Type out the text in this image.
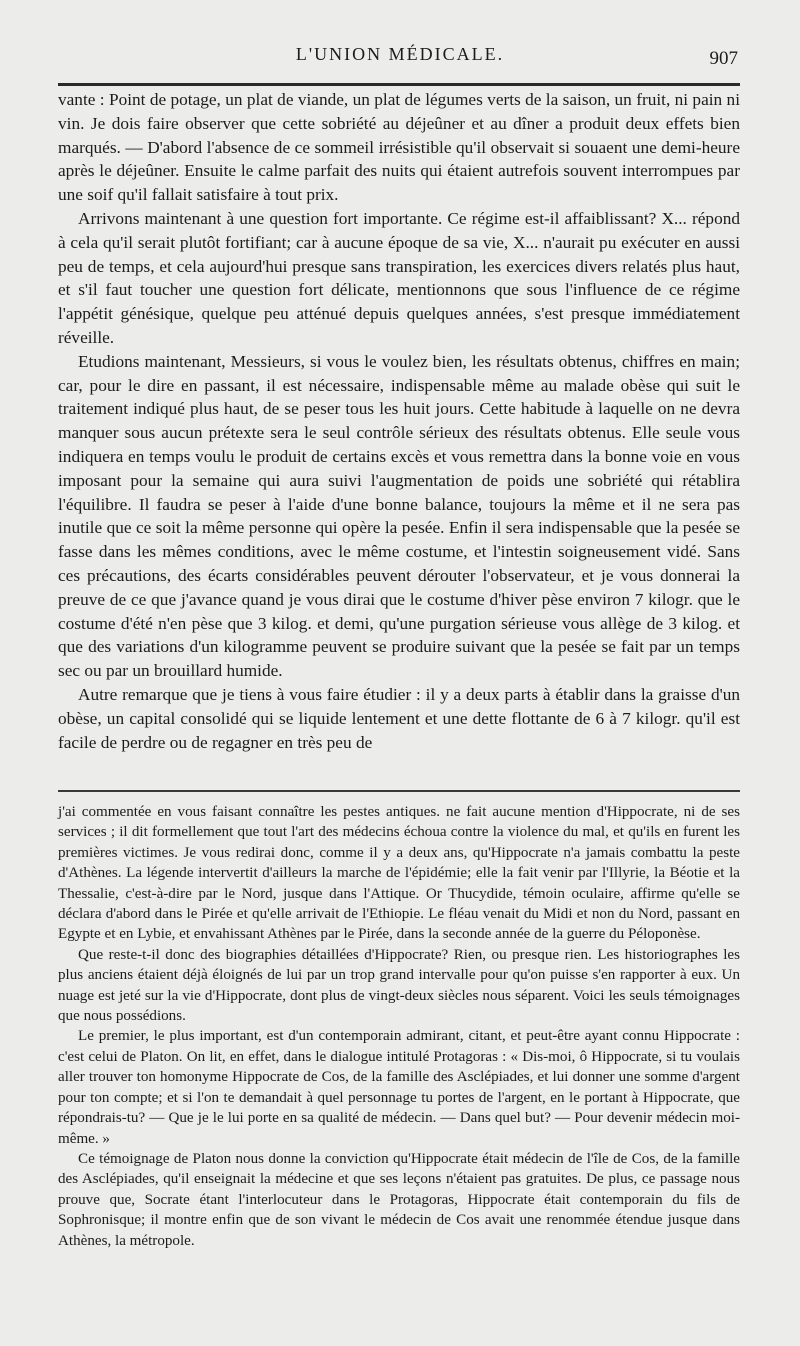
L'UNION MÉDICALE.	907

vante : Point de potage, un plat de viande, un plat de légumes verts de la saison, un fruit, ni pain ni vin. Je dois faire observer que cette sobriété au déjeûner et au dîner a produit deux effets bien marqués. — D'abord l'absence de ce sommeil irrésistible qu'il observait si souaent une demi-heure après le déjeûner. Ensuite le calme parfait des nuits qui étaient autrefois souvent interrompues par une soif qu'il fallait satisfaire à tout prix.

Arrivons maintenant à une question fort importante. Ce régime est-il affaiblissant? X... répond à cela qu'il serait plutôt fortifiant; car à aucune époque de sa vie, X... n'aurait pu exécuter en aussi peu de temps, et cela aujourd'hui presque sans transpiration, les exercices divers relatés plus haut, et s'il faut toucher une question fort délicate, mentionnons que sous l'influence de ce régime l'appétit génésique, quelque peu atténué depuis quelques années, s'est presque immédiatement réveille.

Etudions maintenant, Messieurs, si vous le voulez bien, les résultats obtenus, chiffres en main; car, pour le dire en passant, il est nécessaire, indispensable même au malade obèse qui suit le traitement indiqué plus haut, de se peser tous les huit jours. Cette habitude à laquelle on ne devra manquer sous aucun prétexte sera le seul contrôle sérieux des résultats obtenus. Elle seule vous indiquera en temps voulu le produit de certains excès et vous remettra dans la bonne voie en vous imposant pour la semaine qui aura suivi l'augmentation de poids une sobriété qui rétablira l'équilibre. Il faudra se peser à l'aide d'une bonne balance, toujours la même et il ne sera pas inutile que ce soit la même personne qui opère la pesée. Enfin il sera indispensable que la pesée se fasse dans les mêmes conditions, avec le même costume, et l'intestin soigneusement vidé. Sans ces précautions, des écarts considérables peuvent dérouter l'observateur, et je vous donnerai la preuve de ce que j'avance quand je vous dirai que le costume d'hiver pèse environ 7 kilogr. que le costume d'été n'en pèse que 3 kilog. et demi, qu'une purgation sérieuse vous allège de 3 kilog. et que des variations d'un kilogramme peuvent se produire suivant que la pesée se fait par un temps sec ou par un brouillard humide.

Autre remarque que je tiens à vous faire étudier : il y a deux parts à établir dans la graisse d'un obèse, un capital consolidé qui se liquide lentement et une dette flottante de 6 à 7 kilogr. qu'il est facile de perdre ou de regagner en très peu de

j'ai commentée en vous faisant connaître les pestes antiques. ne fait aucune mention d'Hippocrate, ni de ses services ; il dit formellement que tout l'art des médecins échoua contre la violence du mal, et qu'ils en furent les premières victimes. Je vous redirai donc, comme il y a deux ans, qu'Hippocrate n'a jamais combattu la peste d'Athènes. La légende intervertit d'ailleurs la marche de l'épidémie; elle la fait venir par l'Illyrie, la Béotie et la Thessalie, c'est-à-dire par le Nord, jusque dans l'Attique. Or Thucydide, témoin oculaire, affirme qu'elle se déclara d'abord dans le Pirée et qu'elle arrivait de l'Ethiopie. Le fléau venait du Midi et non du Nord, passant en Egypte et en Lybie, et envahissant Athènes par le Pirée, dans la seconde année de la guerre du Péloponèse.

Que reste-t-il donc des biographies détaillées d'Hippocrate? Rien, ou presque rien. Les historiographes les plus anciens étaient déjà éloignés de lui par un trop grand intervalle pour qu'on puisse s'en rapporter à eux. Un nuage est jeté sur la vie d'Hippocrate, dont plus de vingt-deux siècles nous séparent. Voici les seuls témoignages que nous possédions.

Le premier, le plus important, est d'un contemporain admirant, citant, et peut-être ayant connu Hippocrate : c'est celui de Platon. On lit, en effet, dans le dialogue intitulé Protagoras : « Dis-moi, ô Hippocrate, si tu voulais aller trouver ton homonyme Hippocrate de Cos, de la famille des Asclépiades, et lui donner une somme d'argent pour ton compte; et si l'on te demandait à quel personnage tu portes de l'argent, en le portant à Hippocrate, que répondrais-tu? — Que je le lui porte en sa qualité de médecin. — Dans quel but? — Pour devenir médecin moi-même. »

Ce témoignage de Platon nous donne la conviction qu'Hippocrate était médecin de l'île de Cos, de la famille des Asclépiades, qu'il enseignait la médecine et que ses leçons n'étaient pas gratuites. De plus, ce passage nous prouve que, Socrate étant l'interlocuteur dans le Protagoras, Hippocrate était contemporain du fils de Sophronisque; il montre enfin que de son vivant le médecin de Cos avait une renommée étendue jusque dans Athènes, la métropole.
